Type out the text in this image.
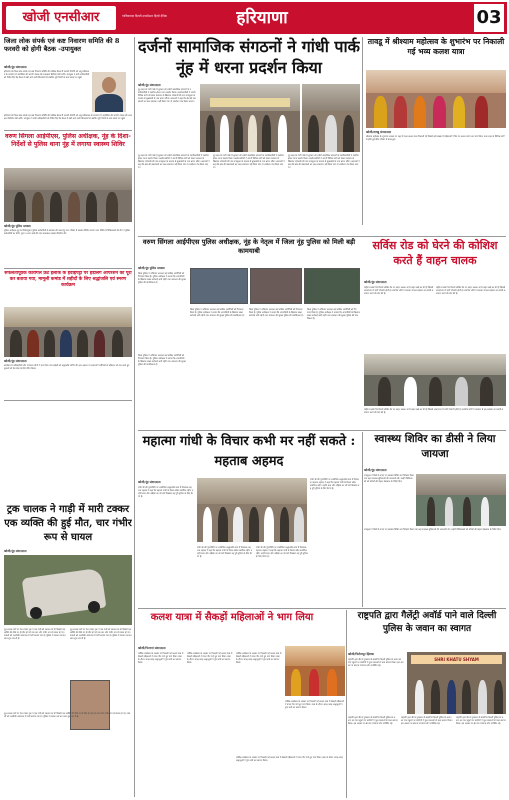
खोजी एनसीआर	गाजियाबाद दिल्ली-एनसीआर हिन्दी दैनिक	हरियाणा	03
जिला लोक संपर्क एवं कष्ट निवारण समिति की 8 फरवरी को होगी बैठक -उपायुक्त
खोजी/नूंह संवाददाता
हरियाणा के जिला लोक संपर्क एवं कष्ट निवारण समिति की मासिक बैठक 8 फरवरी 2023 को लघु सचिवालय के सभागार में आयोजित की जाएगी। बैठक की अध्यक्षता कैबिनेट मंत्री करेंगे। उपायुक्त ने सभी अधिकारियों को निर्देश दिए कि बैठक में रखी जाने वाली शिकायतों से संबंधित पूरी रिपोर्ट के साथ समय पर पहुंचें।
हरियाणा के जिला लोक संपर्क एवं कष्ट निवारण समिति की मासिक बैठक 8 फरवरी 2023 को लघु सचिवालय के सभागार में आयोजित की जाएगी। बैठक की अध्यक्षता कैबिनेट मंत्री करेंगे। उपायुक्त ने सभी अधिकारियों को निर्देश दिए कि बैठक में रखी जाने वाली शिकायतों से संबंधित पूरी रिपोर्ट के साथ समय पर पहुंचें।
वरुण सिंगला आईपीएस, पुलिस अधीक्षक, नूंह के दिशा- निर्देशों से पुलिस थाना नूंह में लगाया स्वास्थ्य शिविर
खोजी/नूंह पुलिस प्रवक्ता
पुलिस अधीक्षक नूंह के निर्देशानुसार पुलिस कर्मचारियों के स्वास्थ्य की जांच हेतु थाना परिसर में स्वास्थ्य शिविर लगाया गया। शिविर में चिकित्सकों की टीम ने पुलिस कर्मचारियों का बीपी, शुगर व अन्य जांचें कीं तथा आवश्यक दवाइयां वितरित कीं।
सफलतापूर्वक कारगिल फ्रंट इलाके के हवाईपट्टी पर हैंडलिंग ऑपरेशन को पूरा कर बताया गया, मामूली कमांड में शहीदों के लिए श्रद्धांजलि एवं स्मरण कार्यक्रम
खोजी/नूंह संवाददाता
कार्यक्रम में अधिकारियों और गणमान्य लोगों ने भाग लिया तथा शहीदों को श्रद्धांजलि अर्पित की। इस अवसर पर वक्ताओं ने सैनिकों के बलिदान को याद करते हुए युवाओं को देश सेवा के लिए प्रेरित किया।
ट्रक चालक ने गाड़ी में मारी टक्कर एक व्यक्ति की हुई मौत, चार गंभीर रूप से घायल
खोजी/नूंह संवाददाता
नूंह-अलवर मार्ग पर तेज रफ्तार ट्रक ने एक गाड़ी को टक्कर मार दी जिससे एक व्यक्ति की मौके पर ही मौत हो गई तथा चार लोग गंभीर रूप से घायल हो गए। घायलों को नजदीकी अस्पताल में भर्ती कराया गया है। पुलिस ने मामला दर्ज कर जांच शुरू कर दी है।
नूंह-अलवर मार्ग पर तेज रफ्तार ट्रक ने एक गाड़ी को टक्कर मार दी जिससे एक व्यक्ति की मौके पर ही मौत हो गई तथा चार लोग गंभीर रूप से घायल हो गए। घायलों को नजदीकी अस्पताल में भर्ती कराया गया है। पुलिस ने मामला दर्ज कर जांच शुरू कर दी है।
नूंह-अलवर मार्ग पर तेज रफ्तार ट्रक ने एक गाड़ी को टक्कर मार दी जिससे एक व्यक्ति की मौके पर ही मौत हो गई तथा चार लोग गंभीर रूप से घायल हो गए। घायलों को नजदीकी अस्पताल में भर्ती कराया गया है। पुलिस ने मामला दर्ज कर जांच शुरू कर दी है।
दर्जनों सामाजिक संगठनों ने गांधी पार्क नूंह में धरना प्रदर्शन किया
खोजी/नूंह संवाददाता
नूंह शहर के गांधी पार्क में बुधवार को दर्जनों सामाजिक संगठनों के पदाधिकारियों ने एकत्रित होकर धरना प्रदर्शन किया। प्रदर्शनकारियों ने अपनी विभिन्न मांगों को लेकर प्रशासन के खिलाफ नारेबाजी की तथा उपायुक्त के माध्यम से मुख्यमंत्री के नाम ज्ञापन सौंपा। वक्ताओं ने कहा कि क्षेत्र की समस्याओं का जल्द समाधान नहीं किया गया तो आंदोलन तेज किया जाएगा।
नूंह शहर के गांधी पार्क में बुधवार को दर्जनों सामाजिक संगठनों के पदाधिकारियों ने एकत्रित होकर धरना प्रदर्शन किया। प्रदर्शनकारियों ने अपनी विभिन्न मांगों को लेकर प्रशासन के खिलाफ नारेबाजी की तथा उपायुक्त के माध्यम से मुख्यमंत्री के नाम ज्ञापन सौंपा। वक्ताओं ने कहा कि क्षेत्र की समस्याओं का जल्द समाधान नहीं किया गया तो आंदोलन तेज किया जाएगा।
नूंह शहर के गांधी पार्क में बुधवार को दर्जनों सामाजिक संगठनों के पदाधिकारियों ने एकत्रित होकर धरना प्रदर्शन किया। प्रदर्शनकारियों ने अपनी विभिन्न मांगों को लेकर प्रशासन के खिलाफ नारेबाजी की तथा उपायुक्त के माध्यम से मुख्यमंत्री के नाम ज्ञापन सौंपा। वक्ताओं ने कहा कि क्षेत्र की समस्याओं का जल्द समाधान नहीं किया गया तो आंदोलन तेज किया जाएगा।
नूंह शहर के गांधी पार्क में बुधवार को दर्जनों सामाजिक संगठनों के पदाधिकारियों ने एकत्रित होकर धरना प्रदर्शन किया। प्रदर्शनकारियों ने अपनी विभिन्न मांगों को लेकर प्रशासन के खिलाफ नारेबाजी की तथा उपायुक्त के माध्यम से मुख्यमंत्री के नाम ज्ञापन सौंपा। वक्ताओं ने कहा कि क्षेत्र की समस्याओं का जल्द समाधान नहीं किया गया तो आंदोलन तेज किया जाएगा।
तावडू में श्रीश्याम महोत्सव के शुभारंभ पर निकाली गई भव्य कलश यात्रा
खोजी/तावडू संवाददाता
श्रीश्याम महोत्सव के शुभारंभ अवसर पर शहर में भव्य कलश यात्रा निकाली गई जिसमें बड़ी संख्या में महिलाओं ने सिर पर कलश धारण कर भाग लिया। यात्रा शहर के विभिन्न मार्गों से होती हुई मंदिर परिसर में संपन्न हुई।
वरुण सिंगला आईपीएस पुलिस अधीक्षक, नूंह के नेतृत्व में जिला नूंह पुलिस को मिली बड़ी कामयाबी
खोजी/नूंह पुलिस प्रवक्ता
जिला पुलिस ने अभियान चलाकर कई वांछित आरोपियों को गिरफ्तार किया है। पुलिस अधीक्षक ने बताया कि अपराधियों के खिलाफ सख्त कार्रवाई जारी रहेगी तथा आमजन की सुरक्षा पुलिस की प्राथमिकता है।
जिला पुलिस ने अभियान चलाकर कई वांछित आरोपियों को गिरफ्तार किया है। पुलिस अधीक्षक ने बताया कि अपराधियों के खिलाफ सख्त कार्रवाई जारी रहेगी तथा आमजन की सुरक्षा पुलिस की प्राथमिकता है।
जिला पुलिस ने अभियान चलाकर कई वांछित आरोपियों को गिरफ्तार किया है। पुलिस अधीक्षक ने बताया कि अपराधियों के खिलाफ सख्त कार्रवाई जारी रहेगी तथा आमजन की सुरक्षा पुलिस की प्राथमिकता है।
जिला पुलिस ने अभियान चलाकर कई वांछित आरोपियों को गिरफ्तार किया है। पुलिस अधीक्षक ने बताया कि अपराधियों के खिलाफ सख्त कार्रवाई जारी रहेगी तथा आमजन की सुरक्षा पुलिस की प्राथमिकता है।
जिला पुलिस ने अभियान चलाकर कई वांछित आरोपियों को गिरफ्तार किया है। पुलिस अधीक्षक ने बताया कि अपराधियों के खिलाफ सख्त कार्रवाई जारी रहेगी तथा आमजन की सुरक्षा पुलिस की प्राथमिकता है।
सर्विस रोड को घेरने की कोशिश करते हैं वाहन चालक
खोजी/नूंह संवाददाता
राष्ट्रीय राजमार्ग के किनारे सर्विस रोड पर वाहन चालक अपने वाहन खड़े कर देते हैं जिससे आवागमन में भारी परेशानी होती है। स्थानीय लोगों ने प्रशासन से इस समस्या का स्थायी समाधान करने की मांग की है।
राष्ट्रीय राजमार्ग के किनारे सर्विस रोड पर वाहन चालक अपने वाहन खड़े कर देते हैं जिससे आवागमन में भारी परेशानी होती है। स्थानीय लोगों ने प्रशासन से इस समस्या का स्थायी समाधान करने की मांग की है।
राष्ट्रीय राजमार्ग के किनारे सर्विस रोड पर वाहन चालक अपने वाहन खड़े कर देते हैं जिससे आवागमन में भारी परेशानी होती है। स्थानीय लोगों ने प्रशासन से इस समस्या का स्थायी समाधान करने की मांग की है।
महात्मा गांधी के विचार कभी मर नहीं सकते : महताब अहमद
खोजी/नूंह संवाददाता
गांधी जी की पुण्यतिथि पर आयोजित श्रद्धांजलि सभा में विधायक महताब अहमद ने कहा कि महात्मा गांधी के विचार सदैव प्रासंगिक रहेंगे। उन्होंने सत्य और अहिंसा का जो मार्ग दिखाया वह पूरी दुनिया के लिए प्रेरणा है।
गांधी जी की पुण्यतिथि पर आयोजित श्रद्धांजलि सभा में विधायक महताब अहमद ने कहा कि महात्मा गांधी के विचार सदैव प्रासंगिक रहेंगे। उन्होंने सत्य और अहिंसा का जो मार्ग दिखाया वह पूरी दुनिया के लिए प्रेरणा है।
गांधी जी की पुण्यतिथि पर आयोजित श्रद्धांजलि सभा में विधायक महताब अहमद ने कहा कि महात्मा गांधी के विचार सदैव प्रासंगिक रहेंगे। उन्होंने सत्य और अहिंसा का जो मार्ग दिखाया वह पूरी दुनिया के लिए प्रेरणा है।
गांधी जी की पुण्यतिथि पर आयोजित श्रद्धांजलि सभा में विधायक महताब अहमद ने कहा कि महात्मा गांधी के विचार सदैव प्रासंगिक रहेंगे। उन्होंने सत्य और अहिंसा का जो मार्ग दिखाया वह पूरी दुनिया के लिए प्रेरणा है।
स्वास्थ्य शिविर का डीसी ने लिया जायजा
खोजी/नूंह संवाददाता
उपायुक्त ने जिले में लगाए गए स्वास्थ्य शिविर का निरीक्षण किया तथा वहां उपलब्ध सुविधाओं की जानकारी ली। उन्होंने चिकित्सकों को मरीजों की बेहतर देखभाल के निर्देश दिए।
उपायुक्त ने जिले में लगाए गए स्वास्थ्य शिविर का निरीक्षण किया तथा वहां उपलब्ध सुविधाओं की जानकारी ली। उन्होंने चिकित्सकों को मरीजों की बेहतर देखभाल के निर्देश दिए।
कलश यात्रा में सैकड़ों महिलाओं ने भाग लिया
खोजी/पिनगवां संवाददाता
धार्मिक कार्यक्रम के अवसर पर निकाली गई कलश यात्रा में सैकड़ों महिलाओं ने मंगल गीत गाते हुए भाग लिया। यात्रा के दौरान जगह-जगह श्रद्धालुओं ने पुष्प वर्षा कर स्वागत किया।
धार्मिक कार्यक्रम के अवसर पर निकाली गई कलश यात्रा में सैकड़ों महिलाओं ने मंगल गीत गाते हुए भाग लिया। यात्रा के दौरान जगह-जगह श्रद्धालुओं ने पुष्प वर्षा कर स्वागत किया।
धार्मिक कार्यक्रम के अवसर पर निकाली गई कलश यात्रा में सैकड़ों महिलाओं ने मंगल गीत गाते हुए भाग लिया। यात्रा के दौरान जगह-जगह श्रद्धालुओं ने पुष्प वर्षा कर स्वागत किया।
धार्मिक कार्यक्रम के अवसर पर निकाली गई कलश यात्रा में सैकड़ों महिलाओं ने मंगल गीत गाते हुए भाग लिया। यात्रा के दौरान जगह-जगह श्रद्धालुओं ने पुष्प वर्षा कर स्वागत किया।
धार्मिक कार्यक्रम के अवसर पर निकाली गई कलश यात्रा में सैकड़ों महिलाओं ने मंगल गीत गाते हुए भाग लिया। यात्रा के दौरान जगह-जगह श्रद्धालुओं ने पुष्प वर्षा कर स्वागत किया।
राष्ट्रपति द्वारा गैलेंट्री अवॉर्ड पाने वाले दिल्ली पुलिस के जवान का स्वागत
खोजी/फिरोजपुर झिरका
राष्ट्रपति द्वारा वीरता पुरस्कार से सम्मानित दिल्ली पुलिस के जवान का गांव पहुंचने पर ग्रामीणों ने फूल मालाओं से भव्य स्वागत किया। इस अवसर पर क्षेत्र के गणमान्य लोग उपस्थित रहे।
SHRI KHATU SHYAM
राष्ट्रपति द्वारा वीरता पुरस्कार से सम्मानित दिल्ली पुलिस के जवान का गांव पहुंचने पर ग्रामीणों ने फूल मालाओं से भव्य स्वागत किया। इस अवसर पर क्षेत्र के गणमान्य लोग उपस्थित रहे।
राष्ट्रपति द्वारा वीरता पुरस्कार से सम्मानित दिल्ली पुलिस के जवान का गांव पहुंचने पर ग्रामीणों ने फूल मालाओं से भव्य स्वागत किया। इस अवसर पर क्षेत्र के गणमान्य लोग उपस्थित रहे।
राष्ट्रपति द्वारा वीरता पुरस्कार से सम्मानित दिल्ली पुलिस के जवान का गांव पहुंचने पर ग्रामीणों ने फूल मालाओं से भव्य स्वागत किया। इस अवसर पर क्षेत्र के गणमान्य लोग उपस्थित रहे।
